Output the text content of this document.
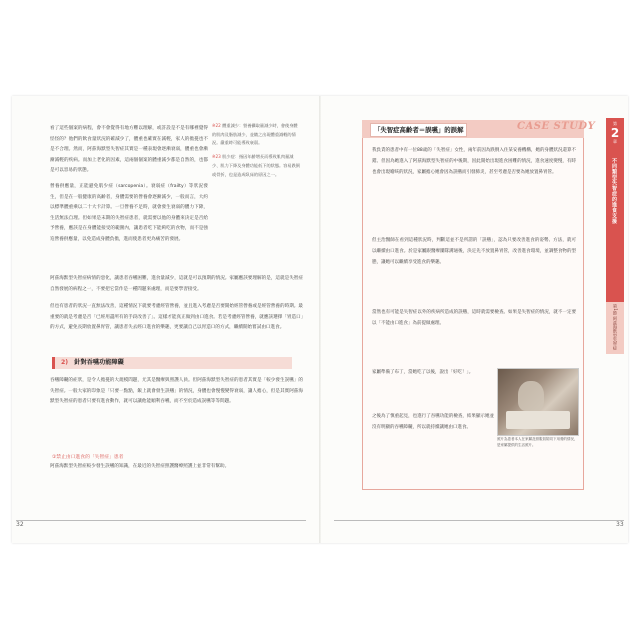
看了這些個案的病程，會不會覺得有地方難以理解，或許設是不是有哪裡覺得怪怪的？他們的飲食量狀況的確減少了，體重也確實在減輕，家人的擔憂也不是不合理。然而，阿茲海默型失智症其實是一種表現會逐漸衰弱，體重也會漸漸減輕的疾病。而加上老化的因素，這兩個個案的體重減少都是自然的，也都是可以容易的狀態。
營養供應量，正能避免肌少症（sarcopenia）。衰弱症（frailty）等狀況發生，但是在一般健康的高齡者，身體需要的營養會逐漸減少，一般而言，大約以標準體重乘以二十大卡計算。一旦營養不足時，就會發生衰弱的體力下降，生活無法自理。但如果是末期的失智症患者，就需要以他的身體來決定是否給予營養，應該是在身體能接受的範圍內，讓患者吃下能夠吃的食物，而不是強迫營養供應量，以免造成身體負擔，進而使患者更為痛苦的發展。
阿茲海默型失智症病情的惡化，讓患者吞嚥困難，進食量減少，這就是可以預期的情況。家屬應該要理解的是，這就是失智症自然發展的病程之一，不要把它當作是一種問題來處理，而是要學習接受。
但也有患者的狀況一直無法改善，這種情況下就要考慮經管營養，並且進入考慮是否要開始經管營養或是經管營養的時期。最重要的就是考慮是否「已經用盡所有的手段改善了」。這樣才能真正做到由口進食。若是考慮經管營養，就應該選擇「胃造口」的方式，避免長期放置鼻胃管，讓患者失去經口進食的樂趣，更要讓自己以胃造口的方式，繼續開始嘗試由口進食。
※22 體重減少：營養攝取量減少時，會使身體的肌肉及脂肪減少，並隨之出現體重減輕的情況。嚴重時可能導致衰弱。
※23 肌少症：指因年齡增長而導致肌肉量減少、肌力下降及身體功能低下的狀態。容易跌倒或骨折，也是造成臥床的原因之一。
2) 針對吞嚥功能障礙
吞嚥障礙的症狀，是令人擔憂的大規模問題，尤其是醫療與照護人員。但阿茲海默型失智症的患者其實是「較少發生誤嚥」的失智症。一般大家的印象是「只要一點點，飯上就會發生誤嚥」的情況，身體也會慢慢變得衰弱，讓人擔心，但是其實阿茲海默型失智症的患者只要有進食動作，就可以讓他能順利吞嚥，而不至於造成誤嚥等等問題。
①禁止由口進食的「失智症」患者
阿茲海默型失智症較少發生誤嚥的知識，在最近的失智症照護醫療照護上並非常有幫助。
32
「失智症高齡者＝誤嚥」的誤解	CASE STUDY
我負責的患者中有一位88歲的「失智症」女性，兩年前因為跌倒入住某安養機構，她的身體狀況還算不錯。但因為她進入了阿茲海默型失智症的中後期，因此開始出現進食困難的情況，進食速度變慢，有時也會出現嗆咳的狀況，家屬擔心她會因為誤嚥而引發肺炎，甚至考慮是否要為她放置鼻胃管。
但主治醫師在看到這種狀況時，判斷這並不是所謂的「誤嚥」，認為只要改善進食的姿勢、方法，就可以繼續由口進食。於是家屬跟醫療團隊溝通後，決定先不放置鼻胃管，改善進食環境，並調整食物的型態，讓她可以繼續享受進食的樂趣。
當然也有可能是失智症以外的疾病所造成的誤嚥，這時就需要檢查。如果是失智症的情況，就不一定要以「不能由口進食」為前提做處理。
家屬準備了布丁，當她吃了以後，說出「好吃！」。
之後為了慎重起見，也進行了吞嚥功能的檢查，結果顯示她並沒有明顯的吞嚥障礙，所以就持續讓她由口進食。
照片為患者本人在家屬及照服員陪同下用餐的情況，是家屬提供的生活照片。
第
2
章
不同類型失智症的進食支援
第1節 阿茲海默型失智症
33
